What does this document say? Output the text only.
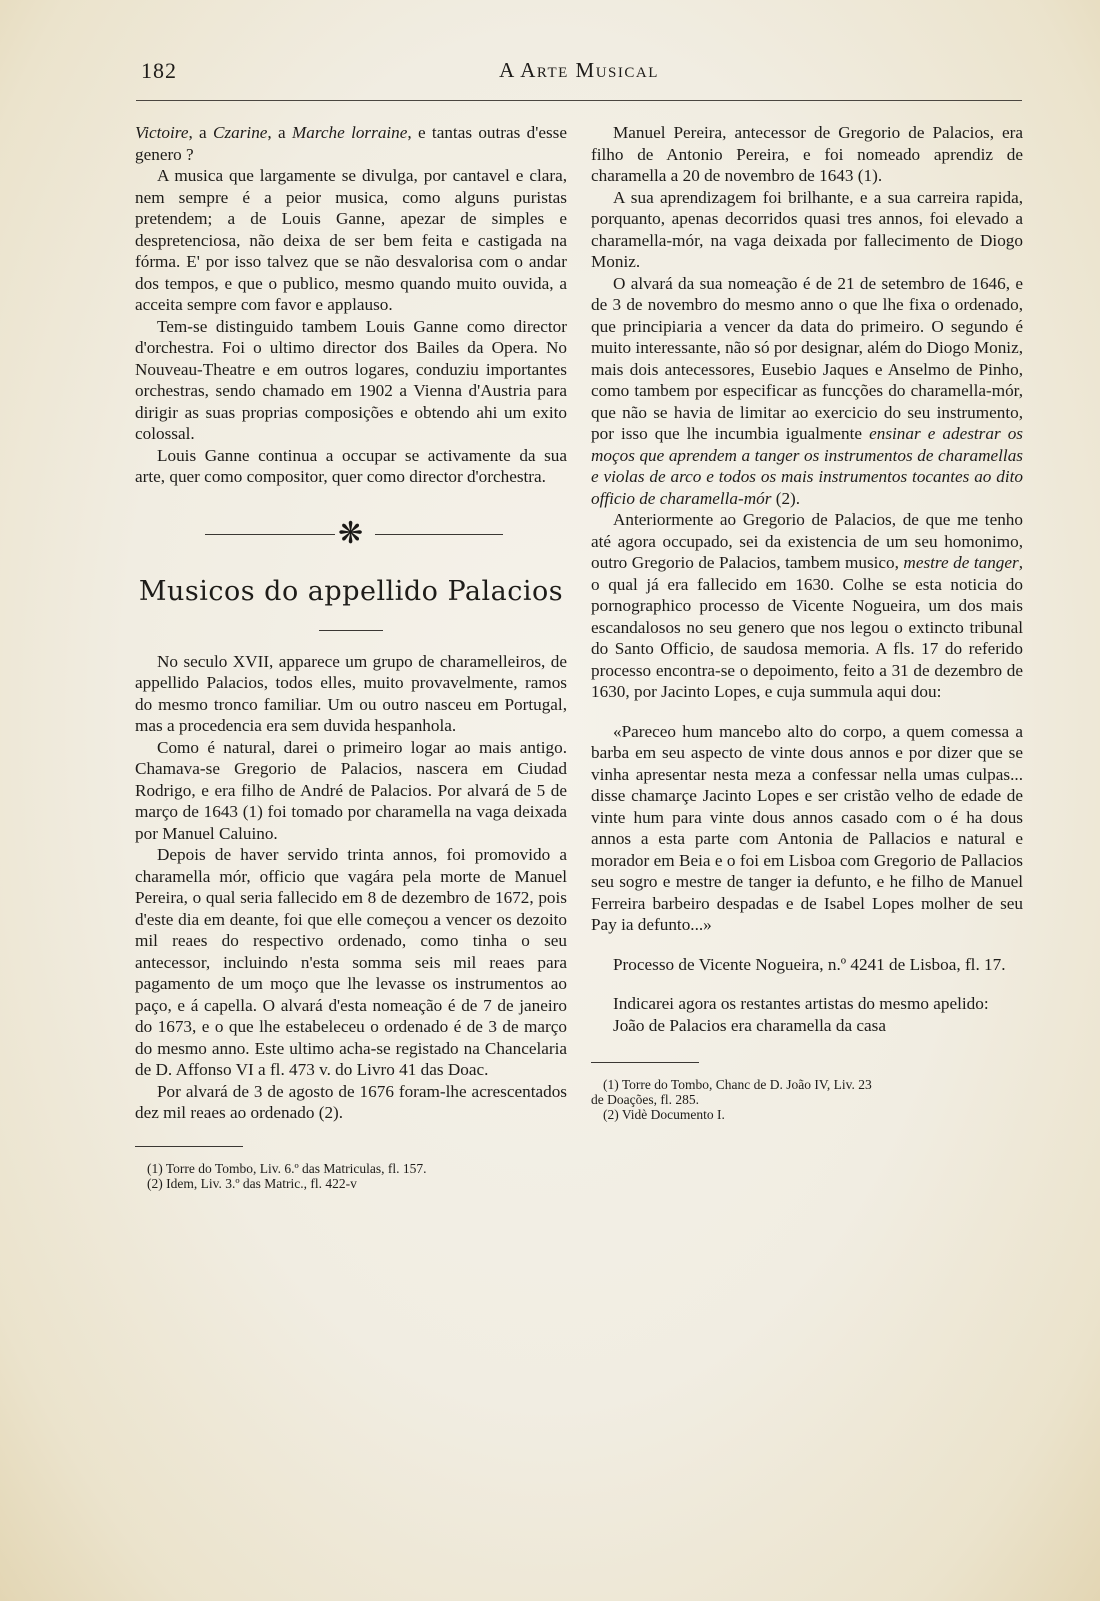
182	A Arte Musical

Victoire, a Czarine, a Marche lorraine, e tantas outras d'esse genero ?

A musica que largamente se divulga, por cantavel e clara, nem sempre é a peior musica, como alguns puristas pretendem; a de Louis Ganne, apezar de simples e despretenciosa, não deixa de ser bem feita e castigada na fórma. E' por isso talvez que se não desvalorisa com o andar dos tempos, e que o publico, mesmo quando muito ouvida, a acceita sempre com favor e applauso.

Tem-se distinguido tambem Louis Ganne como director d'orchestra. Foi o ultimo director dos Bailes da Opera. No Nouveau-Theatre e em outros logares, conduziu importantes orchestras, sendo chamado em 1902 a Vienna d'Austria para dirigir as suas proprias composições e obtendo ahi um exito colossal.

Louis Ganne continua a occupar se activamente da sua arte, quer como compositor, quer como director d'orchestra.

❋
Musicos do appellido Palacios

No seculo XVII, apparece um grupo de charamelleiros, de appellido Palacios, todos elles, muito provavelmente, ramos do mesmo tronco familiar. Um ou outro nasceu em Portugal, mas a procedencia era sem duvida hespanhola.

Como é natural, darei o primeiro logar ao mais antigo. Chamava-se Gregorio de Palacios, nascera em Ciudad Rodrigo, e era filho de André de Palacios. Por alvará de 5 de março de 1643 (1) foi tomado por charamella na vaga deixada por Manuel Caluino.

Depois de haver servido trinta annos, foi promovido a charamella mór, officio que vagára pela morte de Manuel Pereira, o qual seria fallecido em 8 de dezembro de 1672, pois d'este dia em deante, foi que elle começou a vencer os dezoito mil reaes do respectivo ordenado, como tinha o seu antecessor, incluindo n'esta somma seis mil reaes para pagamento de um moço que lhe levasse os instrumentos ao paço, e á capella. O alvará d'esta nomeação é de 7 de janeiro do 1673, e o que lhe estabeleceu o ordenado é de 3 de março do mesmo anno. Este ultimo acha-se registado na Chancelaria de D. Affonso VI a fl. 473 v. do Livro 41 das Doac.

Por alvará de 3 de agosto de 1676 foram-lhe acrescentados dez mil reaes ao ordenado (2).

(1) Torre do Tombo, Liv. 6.º das Matriculas, fl. 157.

(2) Idem, Liv. 3.º das Matric., fl. 422-v

Manuel Pereira, antecessor de Gregorio de Palacios, era filho de Antonio Pereira, e foi nomeado aprendiz de charamella a 20 de novembro de 1643 (1).

A sua aprendizagem foi brilhante, e a sua carreira rapida, porquanto, apenas decorridos quasi tres annos, foi elevado a charamella-mór, na vaga deixada por fallecimento de Diogo Moniz.

O alvará da sua nomeação é de 21 de setembro de 1646, e de 3 de novembro do mesmo anno o que lhe fixa o ordenado, que principiaria a vencer da data do primeiro. O segundo é muito interessante, não só por designar, além do Diogo Moniz, mais dois antecessores, Eusebio Jaques e Anselmo de Pinho, como tambem por especificar as funcções do charamella-mór, que não se havia de limitar ao exercicio do seu instrumento, por isso que lhe incumbia igualmente ensinar e adestrar os moços que aprendem a tanger os instrumentos de charamellas e violas de arco e todos os mais instrumentos tocantes ao dito officio de charamella-mór (2).

Anteriormente ao Gregorio de Palacios, de que me tenho até agora occupado, sei da existencia de um seu homonimo, outro Gregorio de Palacios, tambem musico, mestre de tanger, o qual já era fallecido em 1630. Colhe se esta noticia do pornographico processo de Vicente Nogueira, um dos mais escandalosos no seu genero que nos legou o extincto tribunal do Santo Officio, de saudosa memoria. A fls. 17 do referido processo encontra-se o depoimento, feito a 31 de dezembro de 1630, por Jacinto Lopes, e cuja summula aqui dou:

«Pareceo hum mancebo alto do corpo, a quem comessa a barba em seu aspecto de vinte dous annos e por dizer que se vinha apresentar nesta meza a confessar nella umas culpas... disse chamarçe Jacinto Lopes e ser cristão velho de edade de vinte hum para vinte dous annos casado com o é ha dous annos a esta parte com Antonia de Pallacios e natural e morador em Beia e o foi em Lisboa com Gregorio de Pallacios seu sogro e mestre de tanger ia defunto, e he filho de Manuel Ferreira barbeiro despadas e de Isabel Lopes molher de seu Pay ia defunto...»

Processo de Vicente Nogueira, n.º 4241 de Lisboa, fl. 17.

Indicarei agora os restantes artistas do mesmo apelido:

João de Palacios era charamella da casa

(1) Torre do Tombo, Chanc de D. João IV, Liv. 23

de Doações, fl. 285.

(2) Vidè Documento I.
